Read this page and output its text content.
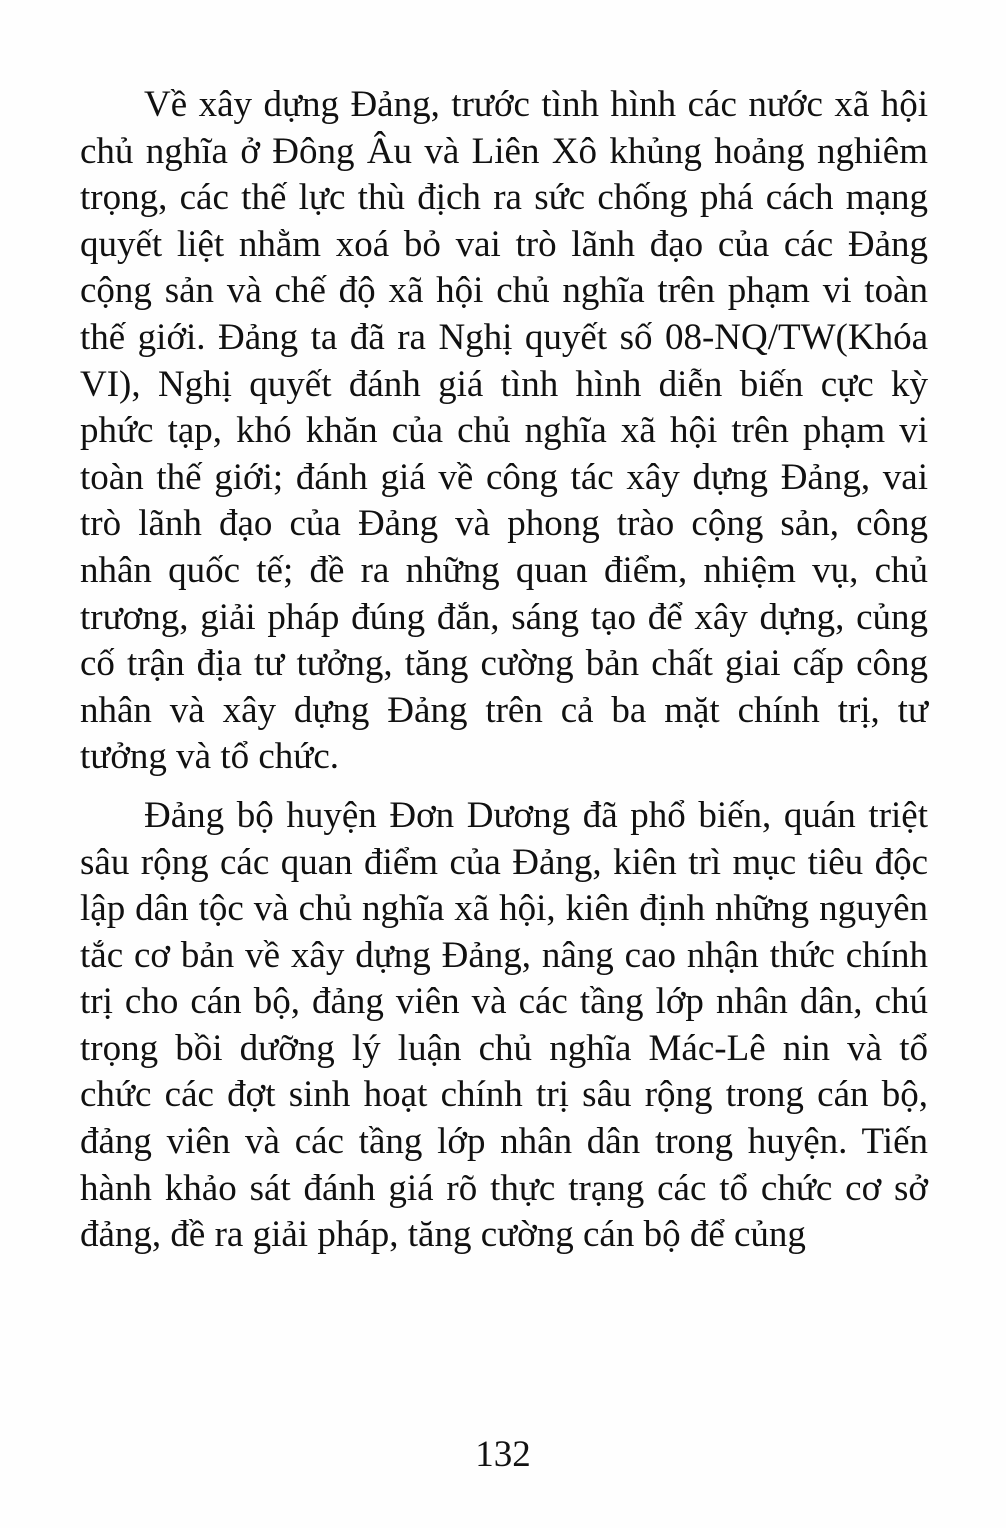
Về xây dựng Đảng, trước tình hình các nước xã hội chủ nghĩa ở Đông Âu và Liên Xô khủng hoảng nghiêm trọng, các thế lực thù địch ra sức chống phá cách mạng quyết liệt nhằm xoá bỏ vai trò lãnh đạo của các Đảng cộng sản và chế độ xã hội chủ nghĩa trên phạm vi toàn thế giới. Đảng ta đã ra Nghị quyết số 08-NQ/TW(Khóa VI), Nghị quyết đánh giá tình hình diễn biến cực kỳ phức tạp, khó khăn của chủ nghĩa xã hội trên phạm vi toàn thế giới; đánh giá về công tác xây dựng Đảng, vai trò lãnh đạo của Đảng và phong trào cộng sản, công nhân quốc tế; đề ra những quan điểm, nhiệm vụ, chủ trương, giải pháp đúng đắn, sáng tạo để xây dựng, củng cố trận địa tư tưởng, tăng cường bản chất giai cấp công nhân và xây dựng Đảng trên cả ba mặt chính trị, tư tưởng và tổ chức.

Đảng bộ huyện Đơn Dương đã phổ biến, quán triệt sâu rộng các quan điểm của Đảng, kiên trì mục tiêu độc lập dân tộc và chủ nghĩa xã hội, kiên định những nguyên tắc cơ bản về xây dựng Đảng, nâng cao nhận thức chính trị cho cán bộ, đảng viên và các tầng lớp nhân dân, chú trọng bồi dưỡng lý luận chủ nghĩa Mác-Lê nin và tổ chức các đợt sinh hoạt chính trị sâu rộng trong cán bộ, đảng viên và các tầng lớp nhân dân trong huyện. Tiến hành khảo sát đánh giá rõ thực trạng các tổ chức cơ sở đảng, đề ra giải pháp, tăng cường cán bộ để củng

132
